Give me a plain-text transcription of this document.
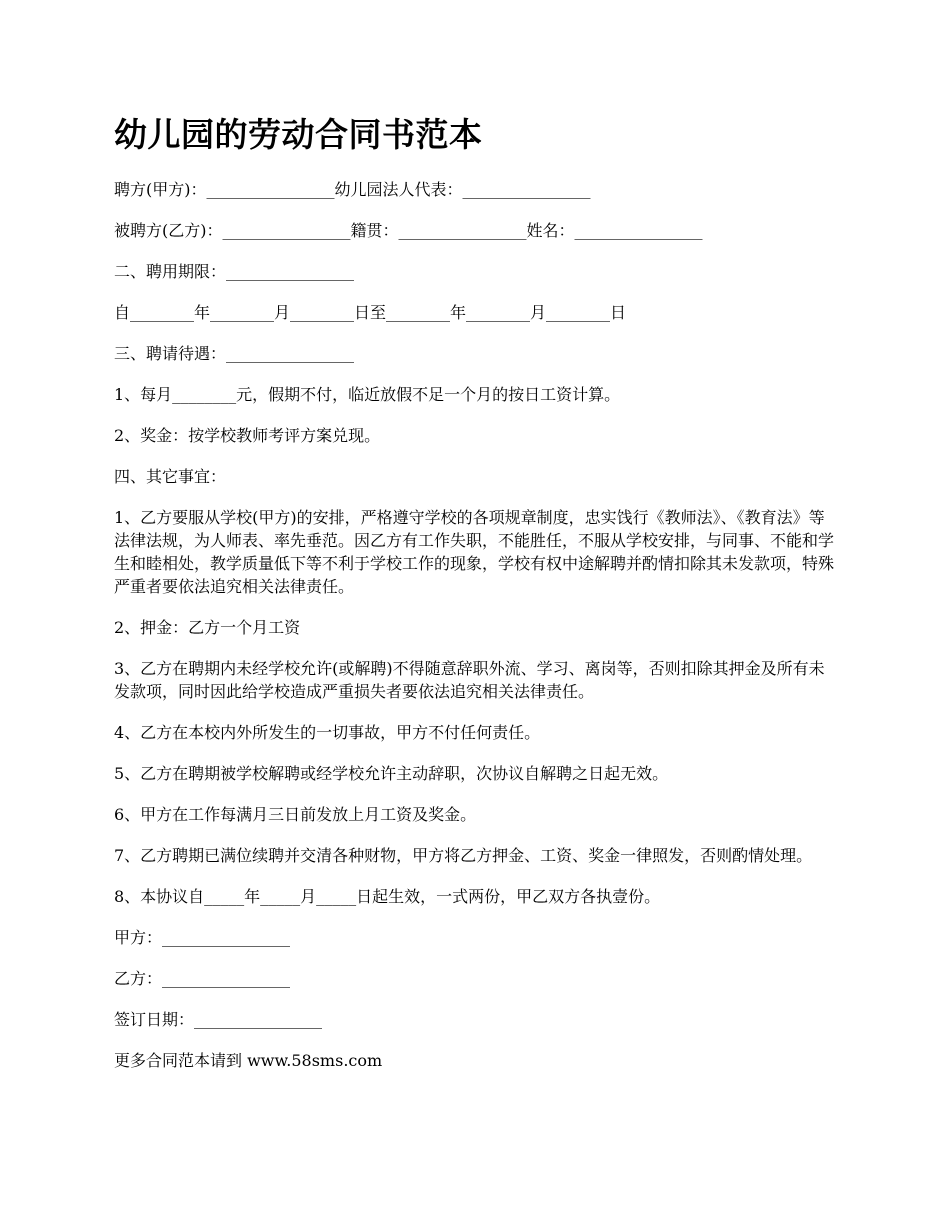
幼儿园的劳动合同书范本

聘方(甲方)：________________幼儿园法人代表：________________

被聘方(乙方)：________________籍贯：________________姓名：________________

二、聘用期限：________________

自________年________月________日至________年________月________日

三、聘请待遇：________________

1、每月________元，假期不付，临近放假不足一个月的按日工资计算。

2、奖金：按学校教师考评方案兑现。

四、其它事宜：

1、乙方要服从学校(甲方)的安排，严格遵守学校的各项规章制度，忠实饯行《教师法》、《教育法》等法律法规，为人师表、率先垂范。因乙方有工作失职，不能胜任，不服从学校安排，与同事、不能和学生和睦相处，教学质量低下等不利于学校工作的现象，学校有权中途解聘并酌情扣除其未发款项，特殊严重者要依法追究相关法律责任。

2、押金：乙方一个月工资

3、乙方在聘期内未经学校允许(或解聘)不得随意辞职外流、学习、离岗等，否则扣除其押金及所有未发款项，同时因此给学校造成严重损失者要依法追究相关法律责任。

4、乙方在本校内外所发生的一切事故，甲方不付任何责任。

5、乙方在聘期被学校解聘或经学校允许主动辞职，次协议自解聘之日起无效。

6、甲方在工作每满月三日前发放上月工资及奖金。

7、乙方聘期已满位续聘并交清各种财物，甲方将乙方押金、工资、奖金一律照发，否则酌情处理。

8、本协议自_____年_____月_____日起生效，一式两份，甲乙双方各执壹份。

甲方：________________

乙方：________________

签订日期：________________

更多合同范本请到 www.58sms.com
